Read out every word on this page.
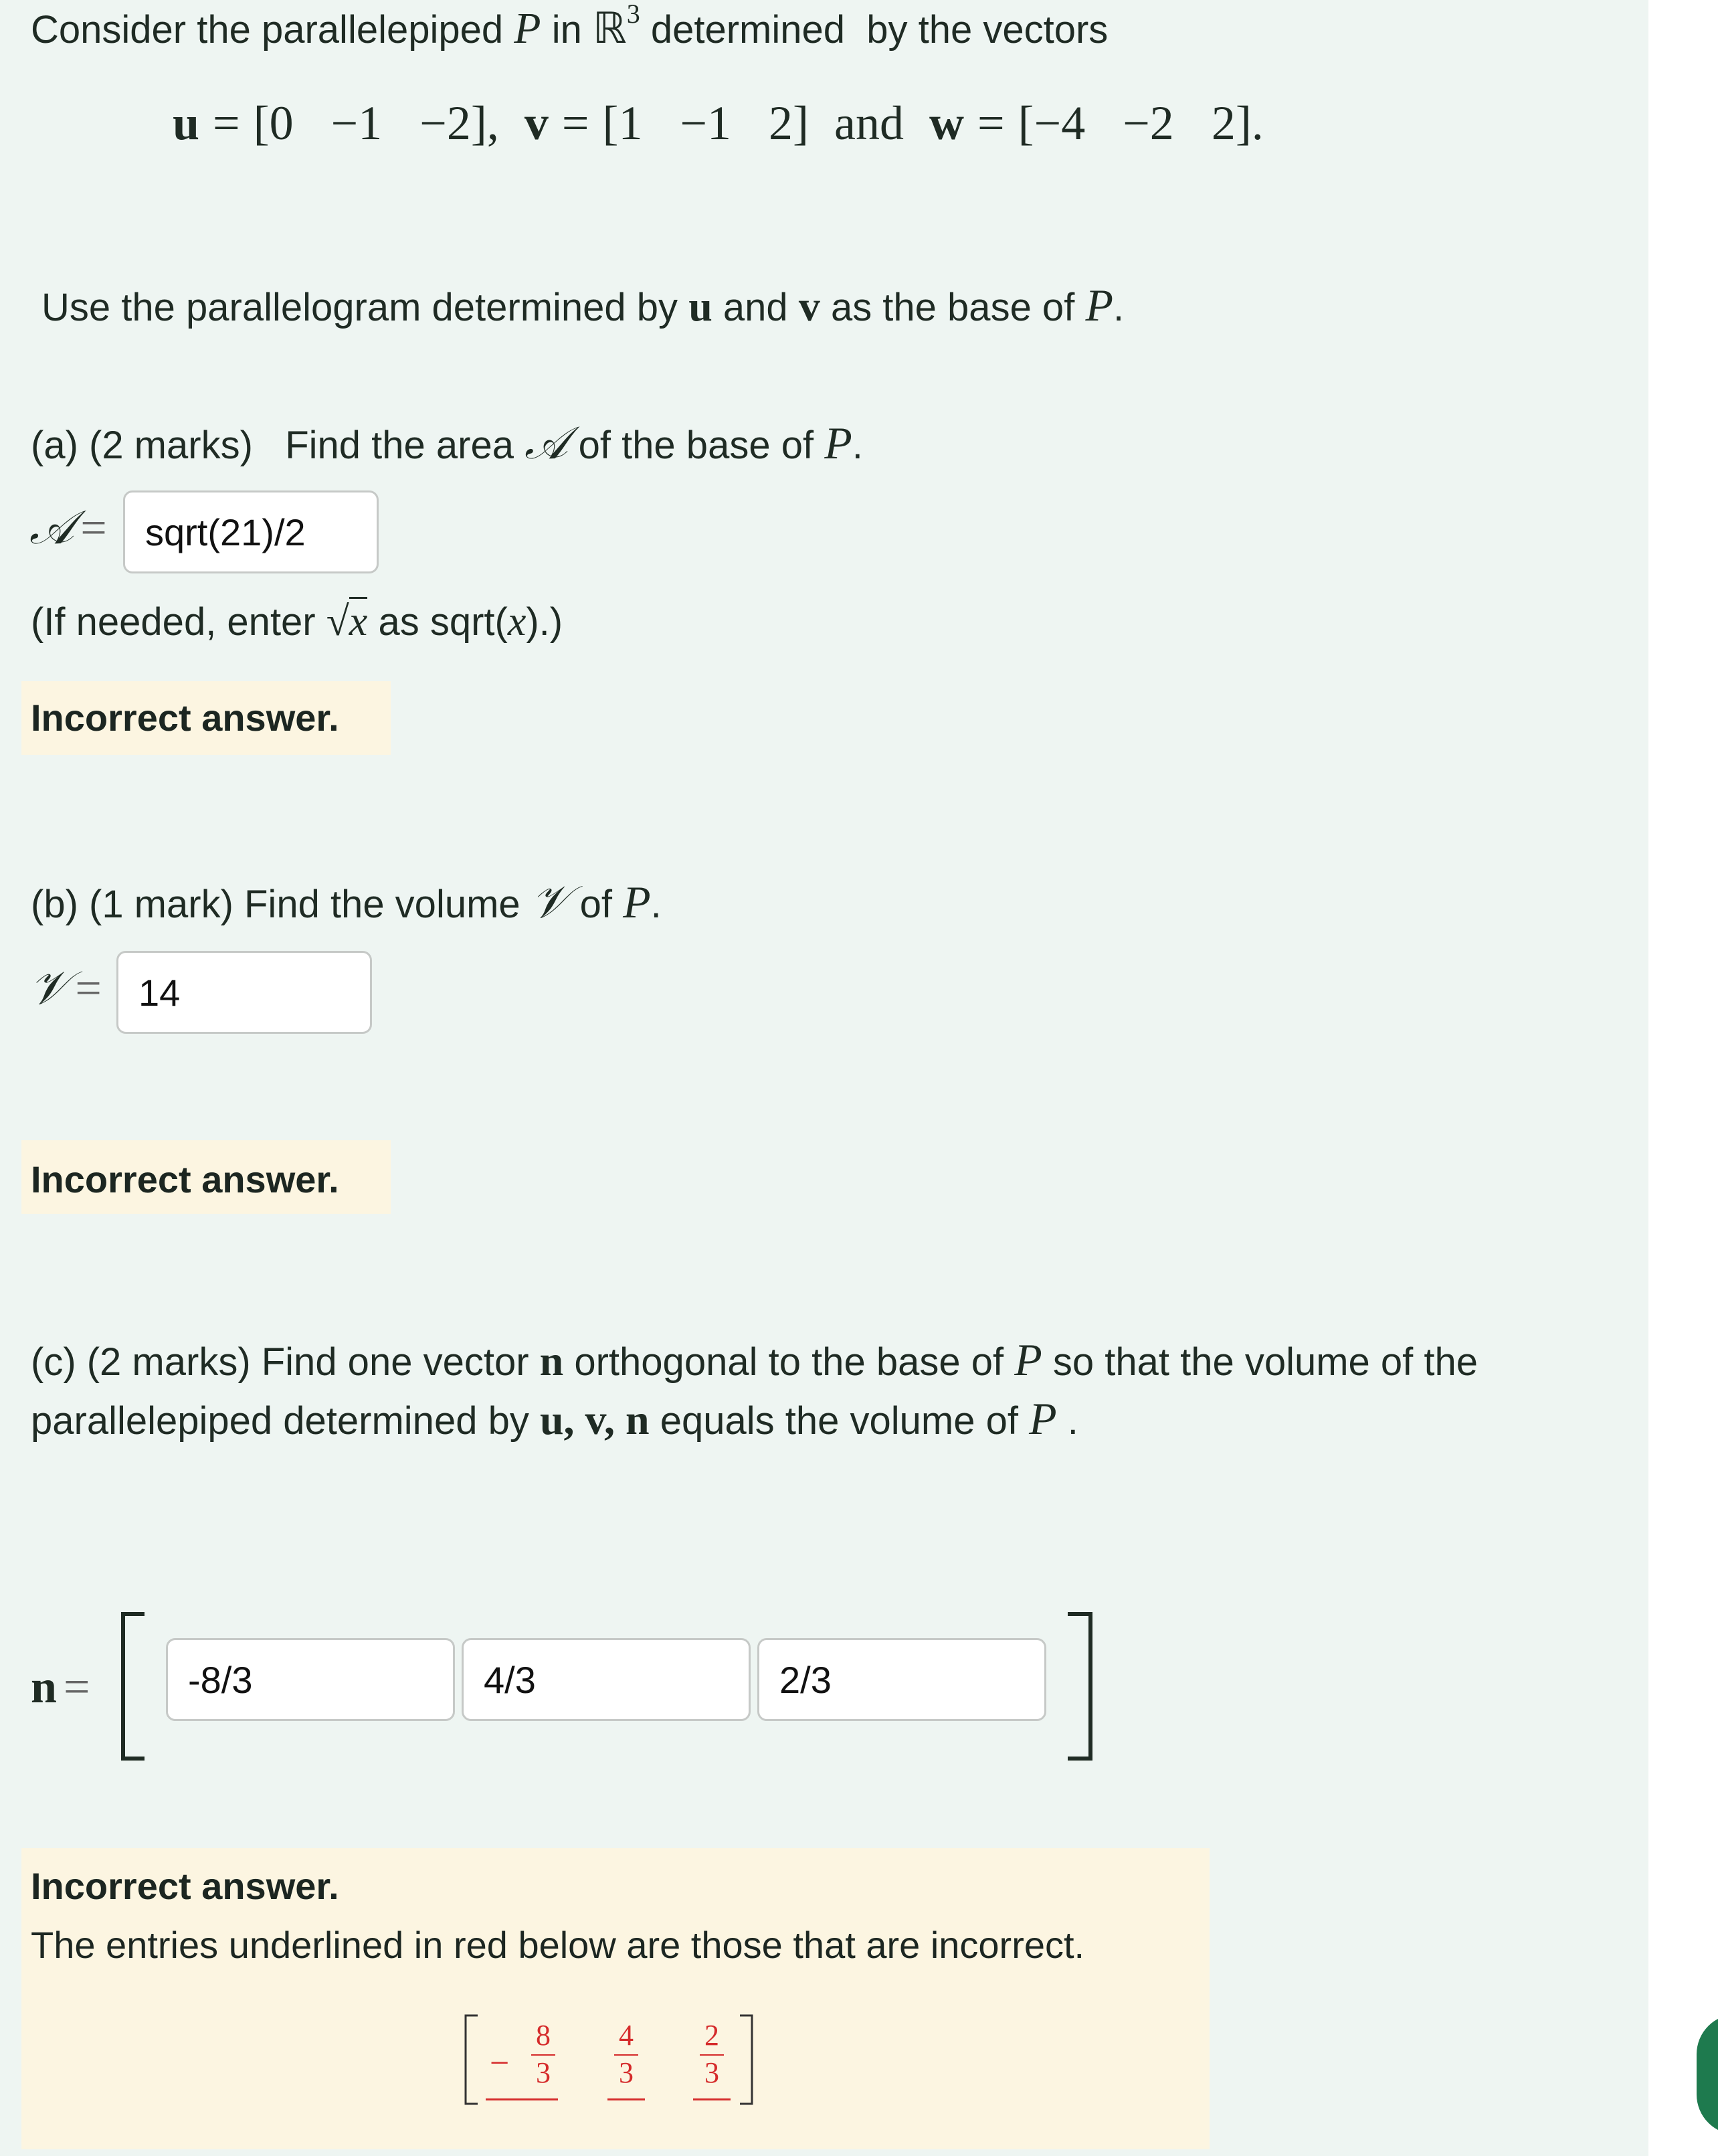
Consider the parallelepiped P in ℝ$^3$ determined  by the vectors
u = [0 −1 −2], v = [1 −1 2] and w = [−4 −2 2].
Use the parallelogram determined by u and v as the base of P.
(a) (2 marks)   Find the area 𝒜 of the base of P.
𝒜 = sqrt(21)/2
(If needed, enter √x as sqrt(x).)
Incorrect answer.
(b) (1 mark) Find the volume 𝒱 of P.
𝒱 = 14
Incorrect answer.
(c) (2 marks) Find one vector n orthogonal to the base of P so that the volume of the
parallelepiped determined by u, v, n equals the volume of P .
n =	-8/3	4/3	2/3
Incorrect answer.
The entries underlined in red below are those that are incorrect.
−
8
3
4
3
2
3
